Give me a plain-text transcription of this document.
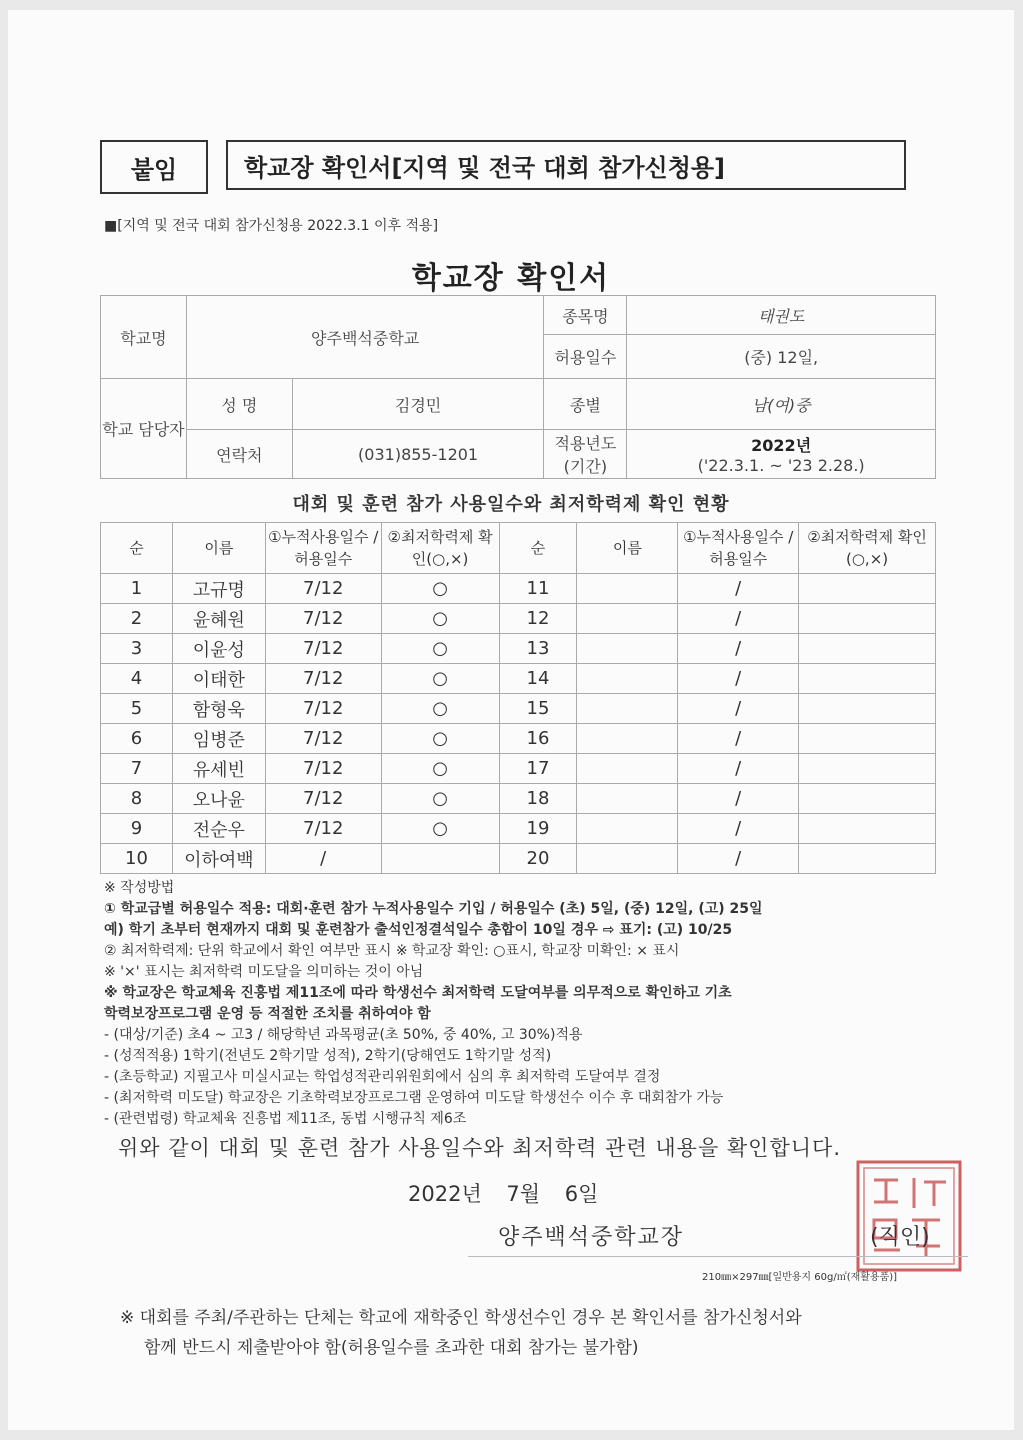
붙임	학교장 확인서[지역 및 전국 대회 참가신청용]
■[지역 및 전국 대회 참가신청용 2022.3.1 이후 적용]
학교장 확인서
학교명	양주백석중학교		종목명	태권도
			허용일수	(중) 12일,
학교 담당자	성 명	김경민	종별	남(여)중
	연락처	(031)855-1201	적용년도 (기간)	2022년
('22.3.1. ~ '23 2.28.)
대회 및 훈련 참가 사용일수와 최저학력제 확인 현황
순	이름	①누적사용일수 /허용일수	②최저학력제 확인(○,×)	순	이름	①누적사용일수 /허용일수	②최저학력제 확인(○,×)
1	고규명	7/12	○	11		/	
2	윤혜원	7/12	○	12		/	
3	이윤성	7/12	○	13		/	
4	이태한	7/12	○	14		/	
5	함형욱	7/12	○	15		/	
6	임병준	7/12	○	16		/	
7	유세빈	7/12	○	17		/	
8	오나윤	7/12	○	18		/	
9	전순우	7/12	○	19		/	
10	이하여백	/		20		/	
※ 작성방법
① 학교급별 허용일수 적용: 대회·훈련 참가 누적사용일수 기입 / 허용일수 (초) 5일, (중) 12일, (고) 25일
예) 학기 초부터 현재까지 대회 및 훈련참가 출석인정결석일수 총합이 10일 경우 ⇨ 표기: (고) 10/25
② 최저학력제: 단위 학교에서 확인 여부만 표시 ※ 학교장 확인: ○표시, 학교장 미확인: × 표시
※ '×' 표시는 최저학력 미도달을 의미하는 것이 아님
※ 학교장은 학교체육 진흥법 제11조에 따라 학생선수 최저학력 도달여부를 의무적으로 확인하고 기초
학력보장프로그램 운영 등 적절한 조치를 취하여야 함
- (대상/기준) 초4 ~ 고3 / 해당학년 과목평균(초 50%, 중 40%, 고 30%)적용
- (성적적용) 1학기(전년도 2학기말 성적), 2학기(당해연도 1학기말 성적)
- (초등학교) 지필고사 미실시교는 학업성적관리위원회에서 심의 후 최저학력 도달여부 결정
- (최저학력 미도달) 학교장은 기초학력보장프로그램 운영하여 미도달 학생선수 이수 후 대회참가 가능
- (관련법령) 학교체육 진흥법 제11조, 동법 시행규칙 제6조
위와 같이 대회 및 훈련 참가 사용일수와 최저학력 관련 내용을 확인합니다.
2022년 7월 6일
양주백석중학교장	(직인)
210㎜×297㎜[일반용지 60g/㎡(재활용품)]
※ 대회를 주최/주관하는 단체는 학교에 재학중인 학생선수인 경우 본 확인서를 참가신청서와
함께 반드시 제출받아야 함(허용일수를 초과한 대회 참가는 불가함)
